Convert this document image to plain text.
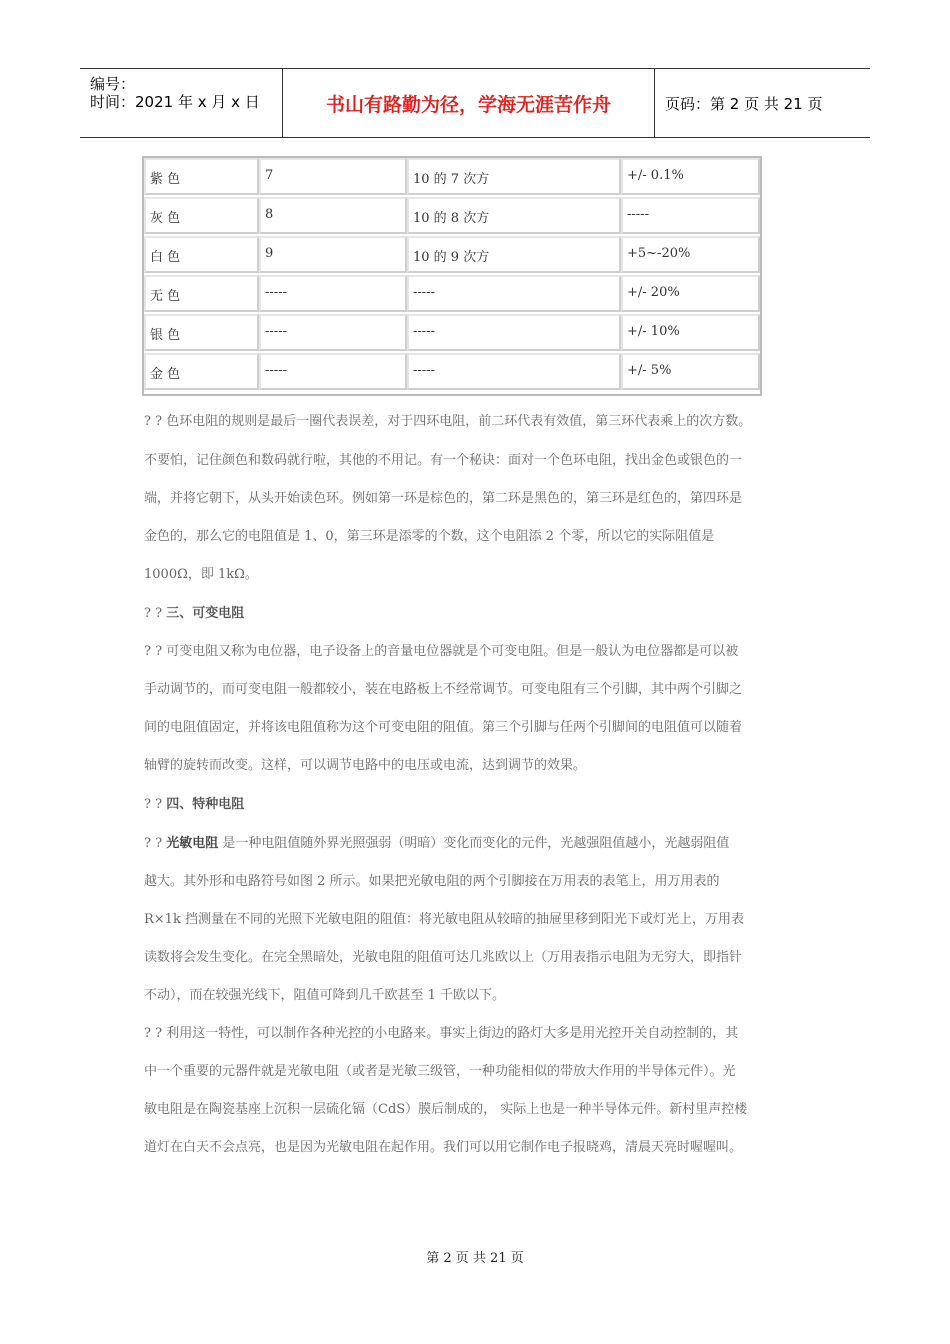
编号：
时间：2021 年 x 月 x 日	书山有路勤为径，学海无涯苦作舟	页码：第 2 页 共 21 页
紫 色	7	10 的 7 次方	+/- 0.1%
灰 色	8	10 的 8 次方	-----
白 色	9	10 的 9 次方	+5~-20%
无 色	-----	-----	+/- 20%
银 色	-----	-----	+/- 10%
金 色	-----	-----	+/- 5%
? ? 色环电阻的规则是最后一圈代表误差，对于四环电阻，前二环代表有效值，第三环代表乘上的次方数。
不要怕，记住颜色和数码就行啦，其他的不用记。有一个秘诀：面对一个色环电阻，找出金色或银色的一
端，并将它朝下，从头开始读色环。例如第一环是棕色的，第二环是黑色的，第三环是红色的，第四环是
金色的，那么它的电阻值是 1、0，第三环是添零的个数，这个电阻添 2 个零，所以它的实际阻值是
1000Ω，即 1kΩ。
? ? 三、可变电阻
? ? 可变电阻又称为电位器，电子设备上的音量电位器就是个可变电阻。但是一般认为电位器都是可以被
手动调节的，而可变电阻一般都较小，装在电路板上不经常调节。可变电阻有三个引脚，其中两个引脚之
间的电阻值固定，并将该电阻值称为这个可变电阻的阻值。第三个引脚与任两个引脚间的电阻值可以随着
轴臂的旋转而改变。这样，可以调节电路中的电压或电流，达到调节的效果。
? ? 四、特种电阻
? ? 光敏电阻 是一种电阻值随外界光照强弱（明暗）变化而变化的元件，光越强阻值越小，光越弱阻值
越大。其外形和电路符号如图 2 所示。如果把光敏电阻的两个引脚接在万用表的表笔上，用万用表的
R×1k 挡测量在不同的光照下光敏电阻的阻值：将光敏电阻从较暗的抽屉里移到阳光下或灯光上，万用表
读数将会发生变化。在完全黑暗处，光敏电阻的阻值可达几兆欧以上（万用表指示电阻为无穷大，即指针
不动），而在较强光线下，阻值可降到几千欧甚至 1 千欧以下。
? ? 利用这一特性，可以制作各种光控的小电路来。事实上街边的路灯大多是用光控开关自动控制的，其
中一个重要的元器件就是光敏电阻（或者是光敏三级管，一种功能相似的带放大作用的半导体元件）。光
敏电阻是在陶瓷基座上沉积一层硫化镉（CdS）膜后制成的， 实际上也是一种半导体元件。新村里声控楼
道灯在白天不会点亮，也是因为光敏电阻在起作用。我们可以用它制作电子报晓鸡，清晨天亮时喔喔叫。
第 2 页 共 21 页
